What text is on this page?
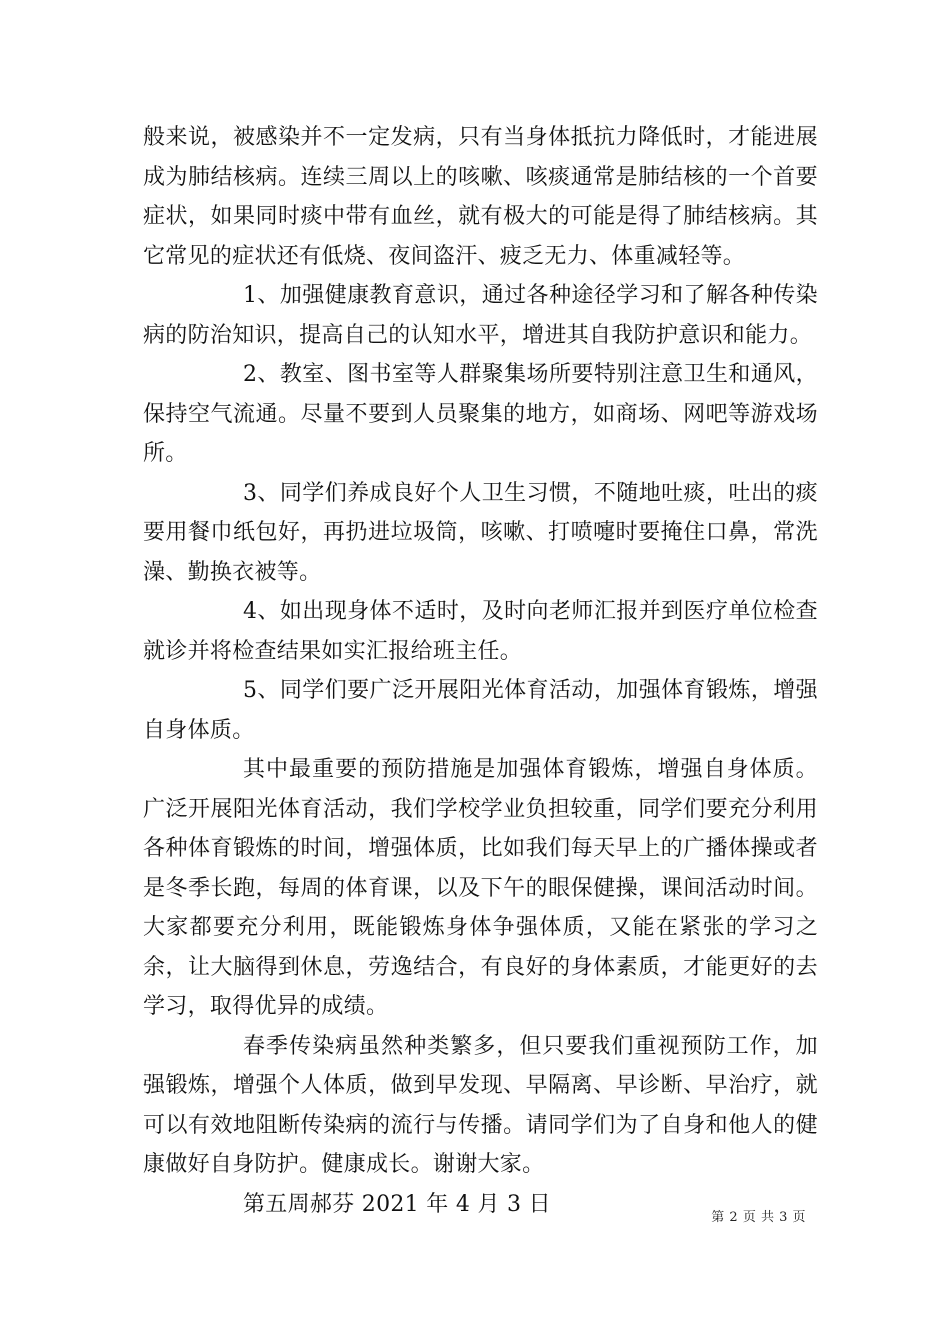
般来说，被感染并不一定发病，只有当身体抵抗力降低时，才能进展成为肺结核病。连续三周以上的咳嗽、咳痰通常是肺结核的一个首要症状，如果同时痰中带有血丝，就有极大的可能是得了肺结核病。其它常见的症状还有低烧、夜间盗汗、疲乏无力、体重减轻等。

1、加强健康教育意识，通过各种途径学习和了解各种传染病的防治知识，提高自己的认知水平，增进其自我防护意识和能力。

2、教室、图书室等人群聚集场所要特别注意卫生和通风，保持空气流通。尽量不要到人员聚集的地方，如商场、网吧等游戏场所。

3、同学们养成良好个人卫生习惯，不随地吐痰，吐出的痰要用餐巾纸包好，再扔进垃圾筒，咳嗽、打喷嚏时要掩住口鼻，常洗澡、勤换衣被等。

4、如出现身体不适时，及时向老师汇报并到医疗单位检查就诊并将检查结果如实汇报给班主任。

5、同学们要广泛开展阳光体育活动，加强体育锻炼，增强自身体质。

其中最重要的预防措施是加强体育锻炼，增强自身体质。广泛开展阳光体育活动，我们学校学业负担较重，同学们要充分利用各种体育锻炼的时间，增强体质，比如我们每天早上的广播体操或者是冬季长跑，每周的体育课，以及下午的眼保健操，课间活动时间。大家都要充分利用，既能锻炼身体争强体质，又能在紧张的学习之余，让大脑得到休息，劳逸结合，有良好的身体素质，才能更好的去学习，取得优异的成绩。

春季传染病虽然种类繁多，但只要我们重视预防工作，加强锻炼，增强个人体质，做到早发现、早隔离、早诊断、早治疗，就可以有效地阻断传染病的流行与传播。请同学们为了自身和他人的健康做好自身防护。健康成长。谢谢大家。

第五周郝芬 2021 年 4 月 3 日

第 2 页 共 3 页
